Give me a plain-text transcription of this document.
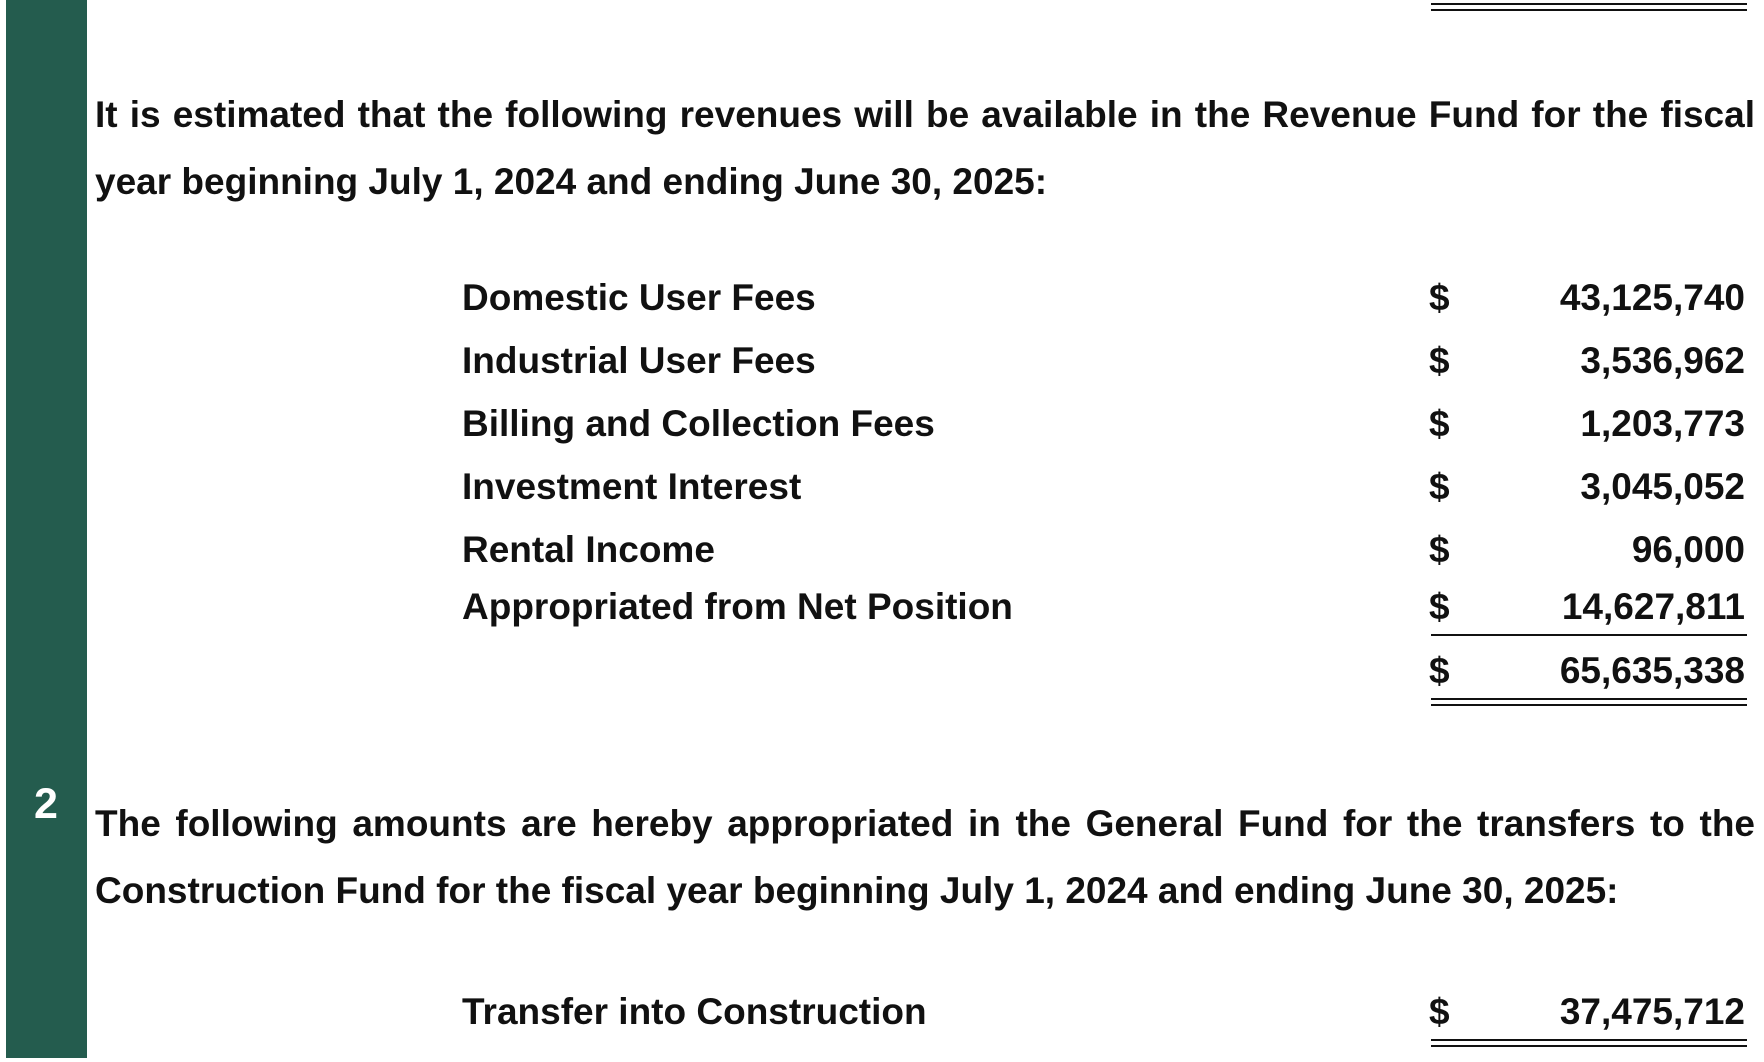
2

It is estimated that the following revenues will be available in the Revenue Fund for the fiscal year beginning July 1, 2024 and ending June 30, 2025:

Domestic User Fees	$	43,125,740
Industrial User Fees	$	3,536,962
Billing and Collection Fees	$	1,203,773
Investment Interest	$	3,045,052
Rental Income	$	96,000
Appropriated from Net Position	$	14,627,811
$	65,635,338

The following amounts are hereby appropriated in the General Fund for the transfers to the Construction Fund for the fiscal year beginning July 1, 2024 and ending June 30, 2025:

Transfer into Construction	$	37,475,712
